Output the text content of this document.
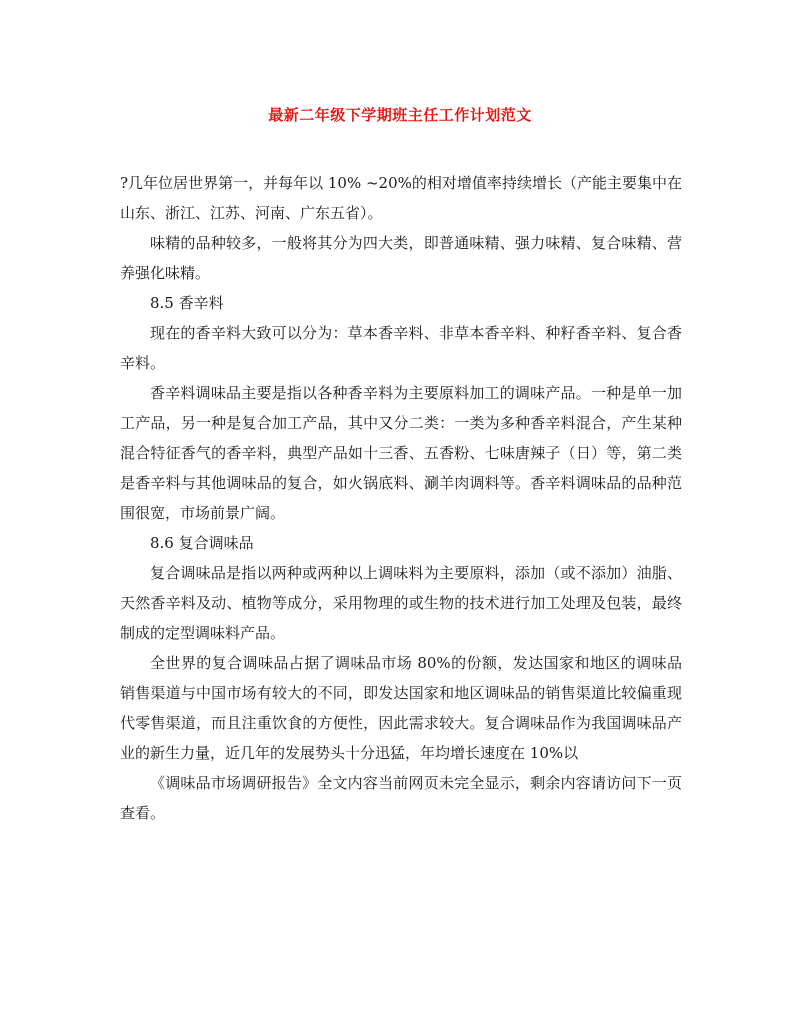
最新二年级下学期班主任工作计划范文

?几年位居世界第一，并每年以 10% ~20%的相对增值率持续增长（产能主要集中在山东、浙江、江苏、河南、广东五省）。

味精的品种较多，一般将其分为四大类，即普通味精、强力味精、复合味精、营养强化味精。

8.5 香辛料

现在的香辛料大致可以分为：草本香辛料、非草本香辛料、种籽香辛料、复合香辛料。

香辛料调味品主要是指以各种香辛料为主要原料加工的调味产品。一种是单一加工产品，另一种是复合加工产品，其中又分二类：一类为多种香辛料混合，产生某种混合特征香气的香辛料，典型产品如十三香、五香粉、七味唐辣子（日）等，第二类是香辛料与其他调味品的复合，如火锅底料、涮羊肉调料等。香辛料调味品的品种范围很宽，市场前景广阔。

8.6 复合调味品

复合调味品是指以两种或两种以上调味料为主要原料，添加（或不添加）油脂、天然香辛料及动、植物等成分，采用物理的或生物的技术进行加工处理及包装，最终制成的定型调味料产品。

全世界的复合调味品占据了调味品市场 80%的份额，发达国家和地区的调味品销售渠道与中国市场有较大的不同，即发达国家和地区调味品的销售渠道比较偏重现代零售渠道，而且注重饮食的方便性，因此需求较大。复合调味品作为我国调味品产业的新生力量，近几年的发展势头十分迅猛，年均增长速度在 10%以

《调味品市场调研报告》全文内容当前网页未完全显示，剩余内容请访问下一页查看。
